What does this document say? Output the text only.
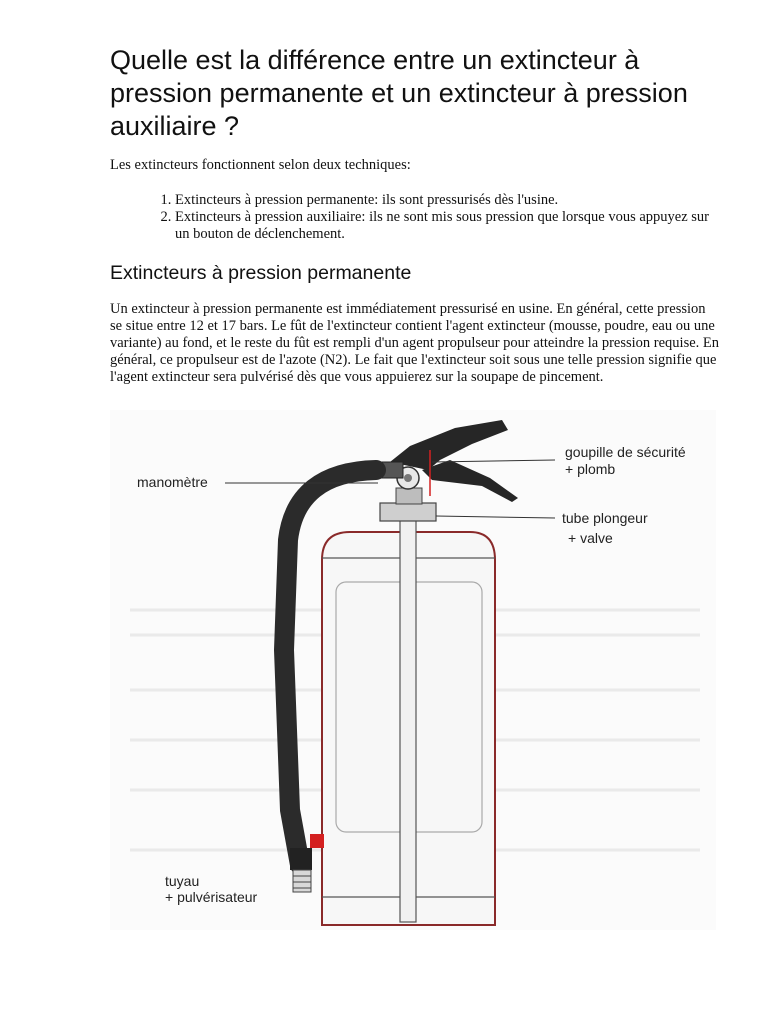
Quelle est la différence entre un extincteur à pression permanente et un extincteur à pression auxiliaire ?

Les extincteurs fonctionnent selon deux techniques:

1. Extincteurs à pression permanente: ils sont pressurisés dès l'usine.
2. Extincteurs à pression auxiliaire: ils ne sont mis sous pression que lorsque vous appuyez sur un bouton de déclenchement.
Extincteurs à pression permanente

Un extincteur à pression permanente est immédiatement pressurisé en usine. En général, cette pression se situe entre 12 et 17 bars. Le fût de l'extincteur contient l'agent extincteur (mousse, poudre, eau ou une variante) au fond, et le reste du fût est rempli d'un agent propulseur pour atteindre la pression requise. En général, ce propulseur est de l'azote (N2). Le fait que l'extincteur soit sous une telle pression signifie que l'agent extincteur sera pulvérisé dès que vous appuierez sur la soupape de pincement.

manomètre
goupille de sécurité
+ plomb
tube plongeur
+ valve
tuyau
+ pulvérisateur
